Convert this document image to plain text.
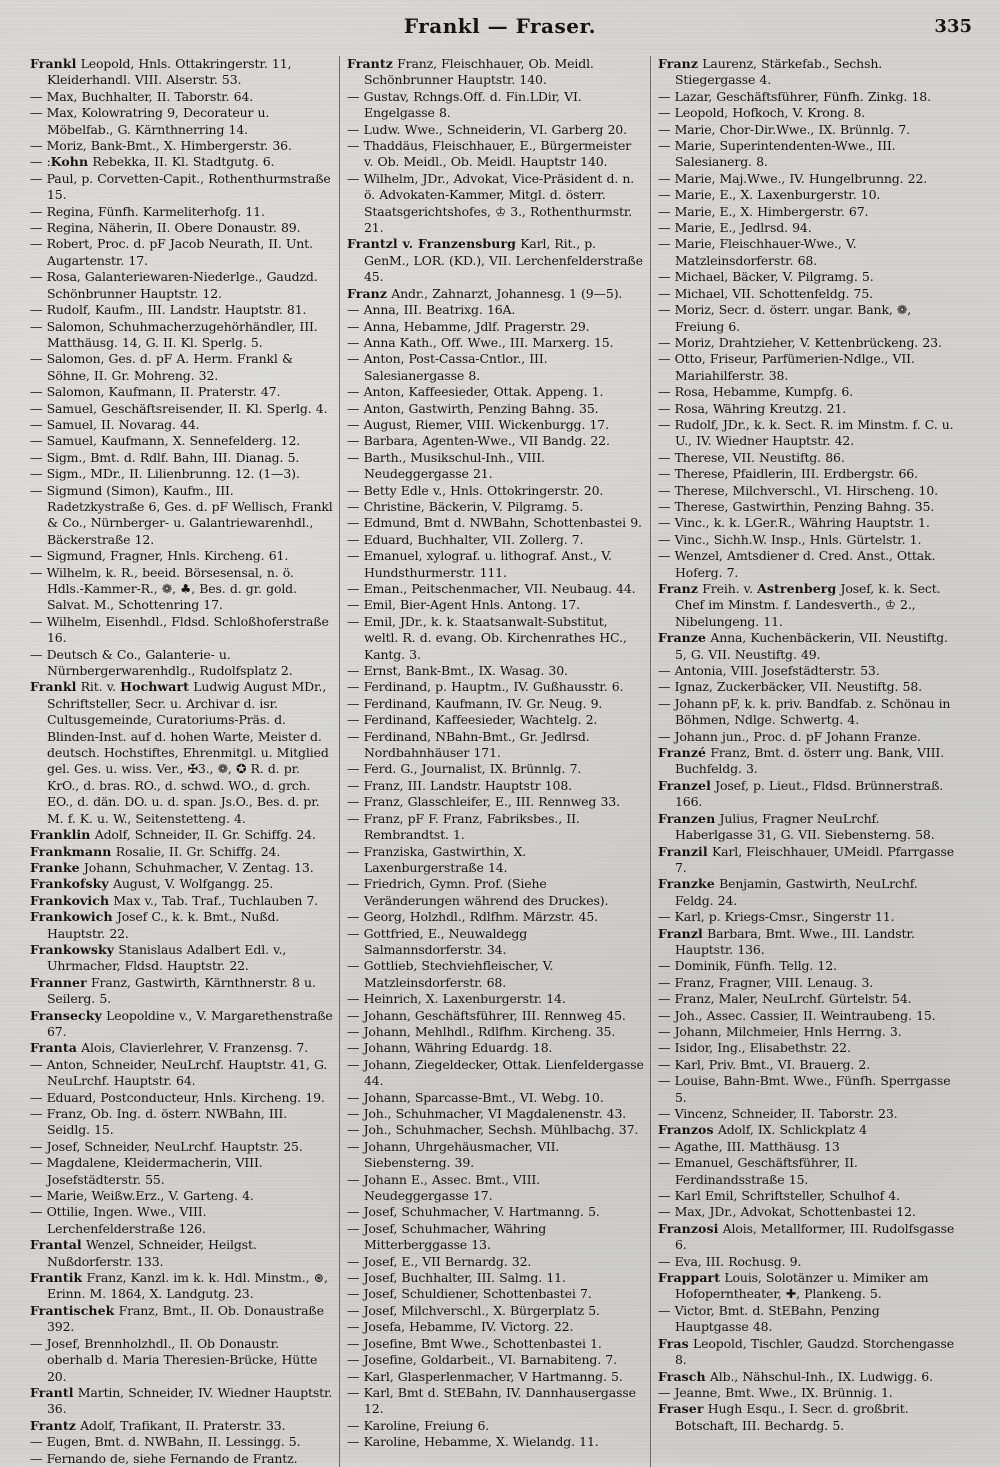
Frankl — Fraser.	335

Frankl Leopold, Hnls. Ottakringerstr. 11, Kleiderhandl. VIII. Alserstr. 53.

— Max, Buchhalter, II. Taborstr. 64.

— Max, Kolowratring 9, Decorateur u. Möbelfab., G. Kärnthnerring 14.

— Moriz, Bank-Bmt., X. Himbergerstr. 36.

— :Kohn Rebekka, II. Kl. Stadtgutg. 6.

— Paul, p. Corvetten-Capit., Rothenthurmstraße 15.

— Regina, Fünfh. Karmeliterhofg. 11.

— Regina, Näherin, II. Obere Donaustr. 89.

— Robert, Proc. d. pF Jacob Neurath, II. Unt. Augartenstr. 17.

— Rosa, Galanteriewaren-Niederlge., Gaudzd. Schönbrunner Hauptstr. 12.

— Rudolf, Kaufm., III. Landstr. Hauptstr. 81.

— Salomon, Schuhmacherzugehörhändler, III. Matthäusg. 14, G. II. Kl. Sperlg. 5.

— Salomon, Ges. d. pF A. Herm. Frankl & Söhne, II. Gr. Mohreng. 32.

— Salomon, Kaufmann, II. Praterstr. 47.

— Samuel, Geschäftsreisender, II. Kl. Sperlg. 4.

— Samuel, II. Novarag. 44.

— Samuel, Kaufmann, X. Sennefelderg. 12.

— Sigm., Bmt. d. Rdlf. Bahn, III. Dianag. 5.

— Sigm., MDr., II. Lilienbrunng. 12. (1—3).

— Sigmund (Simon), Kaufm., III. Radetzkystraße 6, Ges. d. pF Wellisch, Frankl & Co., Nürnberger- u. Galantriewarenhdl., Bäckerstraße 12.

— Sigmund, Fragner, Hnls. Kircheng. 61.

— Wilhelm, k. R., beeid. Börsesensal, n. ö. Hdls.-Kammer-R., ❁, ♣, Bes. d. gr. gold. Salvat. M., Schottenring 17.

— Wilhelm, Eisenhdl., Fldsd. Schloßhoferstraße 16.

— Deutsch & Co., Galanterie- u. Nürnbergerwarenhdlg., Rudolfsplatz 2.

Frankl Rit. v. Hochwart Ludwig August MDr., Schriftsteller, Secr. u. Archivar d. isr. Cultusgemeinde, Curatoriums-Präs. d. Blinden-Inst. auf d. hohen Warte, Meister d. deutsch. Hochstiftes, Ehrenmitgl. u. Mitglied gel. Ges. u. wiss. Ver., ✠3., ❁, ✪ R. d. pr. KrO., d. bras. RO., d. schwd. WO., d. grch. EO., d. dän. DO. u. d. span. Js.O., Bes. d. pr. M. f. K. u. W., Seitenstetteng. 4.

Franklin Adolf, Schneider, II. Gr. Schiffg. 24.

Frankmann Rosalie, II. Gr. Schiffg. 24.

Franke Johann, Schuhmacher, V. Zentag. 13.

Frankofsky August, V. Wolfgangg. 25.

Frankovich Max v., Tab. Traf., Tuchlauben 7.

Frankowich Josef C., k. k. Bmt., Nußd. Hauptstr. 22.

Frankowsky Stanislaus Adalbert Edl. v., Uhrmacher, Fldsd. Hauptstr. 22.

Franner Franz, Gastwirth, Kärnthnerstr. 8 u. Seilerg. 5.

Fransecky Leopoldine v., V. Margarethenstraße 67.

Franta Alois, Clavierlehrer, V. Franzensg. 7.

— Anton, Schneider, NeuLrchf. Hauptstr. 41, G. NeuLrchf. Hauptstr. 64.

— Eduard, Postconducteur, Hnls. Kircheng. 19.

— Franz, Ob. Ing. d. österr. NWBahn, III. Seidlg. 15.

— Josef, Schneider, NeuLrchf. Hauptstr. 25.

— Magdalene, Kleidermacherin, VIII. Josefstädterstr. 55.

— Marie, Weißw.Erz., V. Garteng. 4.

— Ottilie, Ingen. Wwe., VIII. Lerchenfelderstraße 126.

Frantal Wenzel, Schneider, Heilgst. Nußdorferstr. 133.

Frantik Franz, Kanzl. im k. k. Hdl. Minstm., ⊛, Erinn. M. 1864, X. Landgutg. 23.

Frantischek Franz, Bmt., II. Ob. Donaustraße 392.

— Josef, Brennholzhdl., II. Ob Donaustr. oberhalb d. Maria Theresien-Brücke, Hütte 20.

Frantl Martin, Schneider, IV. Wiedner Hauptstr. 36.

Frantz Adolf, Trafikant, II. Praterstr. 33.

— Eugen, Bmt. d. NWBahn, II. Lessingg. 5.

— Fernando de, siehe Fernando de Frantz.

Frantz Franz, Fleischhauer, Ob. Meidl. Schönbrunner Hauptstr. 140.

— Gustav, Rchngs.Off. d. Fin.LDir, VI. Engelgasse 8.

— Ludw. Wwe., Schneiderin, VI. Garberg 20.

— Thaddäus, Fleischhauer, E., Bürgermeister v. Ob. Meidl., Ob. Meidl. Hauptstr 140.

— Wilhelm, JDr., Advokat, Vice-Präsident d. n. ö. Advokaten-Kammer, Mitgl. d. österr. Staatsgerichtshofes, ♔ 3., Rothenthurmstr. 21.

Frantzl v. Franzensburg Karl, Rit., p. GenM., LOR. (KD.), VII. Lerchenfelderstraße 45.

Franz Andr., Zahnarzt, Johannesg. 1 (9—5).

— Anna, III. Beatrixg. 16A.

— Anna, Hebamme, Jdlf. Pragerstr. 29.

— Anna Kath., Off. Wwe., III. Marxerg. 15.

— Anton, Post-Cassa-Cntlor., III. Salesianergasse 8.

— Anton, Kaffeesieder, Ottak. Appeng. 1.

— Anton, Gastwirth, Penzing Bahng. 35.

— August, Riemer, VIII. Wickenburgg. 17.

— Barbara, Agenten-Wwe., VII Bandg. 22.

— Barth., Musikschul-Inh., VIII. Neudeggergasse 21.

— Betty Edle v., Hnls. Ottokringerstr. 20.

— Christine, Bäckerin, V. Pilgramg. 5.

— Edmund, Bmt d. NWBahn, Schottenbastei 9.

— Eduard, Buchhalter, VII. Zollerg. 7.

— Emanuel, xylograf. u. lithograf. Anst., V. Hundsthurmerstr. 111.

— Eman., Peitschenmacher, VII. Neubaug. 44.

— Emil, Bier-Agent Hnls. Antong. 17.

— Emil, JDr., k. k. Staatsanwalt-Substitut, weltl. R. d. evang. Ob. Kirchenrathes HC., Kantg. 3.

— Ernst, Bank-Bmt., IX. Wasag. 30.

— Ferdinand, p. Hauptm., IV. Gußhausstr. 6.

— Ferdinand, Kaufmann, IV. Gr. Neug. 9.

— Ferdinand, Kaffeesieder, Wachtelg. 2.

— Ferdinand, NBahn-Bmt., Gr. Jedlrsd. Nordbahnhäuser 171.

— Ferd. G., Journalist, IX. Brünnlg. 7.

— Franz, III. Landstr. Hauptstr 108.

— Franz, Glasschleifer, E., III. Rennweg 33.

— Franz, pF F. Franz, Fabriksbes., II. Rembrandtst. 1.

— Franziska, Gastwirthin, X. Laxenburgerstraße 14.

— Friedrich, Gymn. Prof. (Siehe Veränderungen während des Druckes).

— Georg, Holzhdl., Rdlfhm. Märzstr. 45.

— Gottfried, E., Neuwaldegg Salmannsdorferstr. 34.

— Gottlieb, Stechviehfleischer, V. Matzleinsdorferstr. 68.

— Heinrich, X. Laxenburgerstr. 14.

— Johann, Geschäftsführer, III. Rennweg 45.

— Johann, Mehlhdl., Rdlfhm. Kircheng. 35.

— Johann, Währing Eduardg. 18.

— Johann, Ziegeldecker, Ottak. Lienfeldergasse 44.

— Johann, Sparcasse-Bmt., VI. Webg. 10.

— Joh., Schuhmacher, VI Magdalenenstr. 43.

— Joh., Schuhmacher, Sechsh. Mühlbachg. 37.

— Johann, Uhrgehäusmacher, VII. Siebensterng. 39.

— Johann E., Assec. Bmt., VIII. Neudeggergasse 17.

— Josef, Schuhmacher, V. Hartmanng. 5.

— Josef, Schuhmacher, Währing Mitterberggasse 13.

— Josef, E., VII Bernardg. 32.

— Josef, Buchhalter, III. Salmg. 11.

— Josef, Schuldiener, Schottenbastei 7.

— Josef, Milchverschl., X. Bürgerplatz 5.

— Josefa, Hebamme, IV. Victorg. 22.

— Josefine, Bmt Wwe., Schottenbastei 1.

— Josefine, Goldarbeit., VI. Barnabiteng. 7.

— Karl, Glasperlenmacher, V Hartmanng. 5.

— Karl, Bmt d. StEBahn, IV. Dannhausergasse 12.

— Karoline, Freiung 6.

— Karoline, Hebamme, X. Wielandg. 11.

Franz Laurenz, Stärkefab., Sechsh. Stiegergasse 4.

— Lazar, Geschäftsführer, Fünfh. Zinkg. 18.

— Leopold, Hofkoch, V. Krong. 8.

— Marie, Chor-Dir.Wwe., IX. Brünnlg. 7.

— Marie, Superintendenten-Wwe., III. Salesianerg. 8.

— Marie, Maj.Wwe., IV. Hungelbrunng. 22.

— Marie, E., X. Laxenburgerstr. 10.

— Marie, E., X. Himbergerstr. 67.

— Marie, E., Jedlrsd. 94.

— Marie, Fleischhauer-Wwe., V. Matzleinsdorferstr. 68.

— Michael, Bäcker, V. Pilgramg. 5.

— Michael, VII. Schottenfeldg. 75.

— Moriz, Secr. d. österr. ungar. Bank, ❁, Freiung 6.

— Moriz, Drahtzieher, V. Kettenbrückeng. 23.

— Otto, Friseur, Parfümerien-Ndlge., VII. Mariahilferstr. 38.

— Rosa, Hebamme, Kumpfg. 6.

— Rosa, Währing Kreutzg. 21.

— Rudolf, JDr., k. k. Sect. R. im Minstm. f. C. u. U., IV. Wiedner Hauptstr. 42.

— Therese, VII. Neustiftg. 86.

— Therese, Pfaidlerin, III. Erdbergstr. 66.

— Therese, Milchverschl., VI. Hirscheng. 10.

— Therese, Gastwirthin, Penzing Bahng. 35.

— Vinc., k. k. LGer.R., Währing Hauptstr. 1.

— Vinc., Sichh.W. Insp., Hnls. Gürtelstr. 1.

— Wenzel, Amtsdiener d. Cred. Anst., Ottak. Hoferg. 7.

Franz Freih. v. Astrenberg Josef, k. k. Sect. Chef im Minstm. f. Landesverth., ♔ 2., Nibelungeng. 11.

Franze Anna, Kuchenbäckerin, VII. Neustiftg. 5, G. VII. Neustiftg. 49.

— Antonia, VIII. Josefstädterstr. 53.

— Ignaz, Zuckerbäcker, VII. Neustiftg. 58.

— Johann pF, k. k. priv. Bandfab. z. Schönau in Böhmen, Ndlge. Schwertg. 4.

— Johann jun., Proc. d. pF Johann Franze.

Franzé Franz, Bmt. d. österr ung. Bank, VIII. Buchfeldg. 3.

Franzel Josef, p. Lieut., Fldsd. Brünnerstraß. 166.

Franzen Julius, Fragner NeuLrchf. Haberlgasse 31, G. VII. Siebensterng. 58.

Franzil Karl, Fleischhauer, UMeidl. Pfarrgasse 7.

Franzke Benjamin, Gastwirth, NeuLrchf. Feldg. 24.

— Karl, p. Kriegs-Cmsr., Singerstr 11.

Franzl Barbara, Bmt. Wwe., III. Landstr. Hauptstr. 136.

— Dominik, Fünfh. Tellg. 12.

— Franz, Fragner, VIII. Lenaug. 3.

— Franz, Maler, NeuLrchf. Gürtelstr. 54.

— Joh., Assec. Cassier, II. Weintraubeng. 15.

— Johann, Milchmeier, Hnls Herrng. 3.

— Isidor, Ing., Elisabethstr. 22.

— Karl, Priv. Bmt., VI. Brauerg. 2.

— Louise, Bahn-Bmt. Wwe., Fünfh. Sperrgasse 5.

— Vincenz, Schneider, II. Taborstr. 23.

Franzos Adolf, IX. Schlickplatz 4

— Agathe, III. Matthäusg. 13

— Emanuel, Geschäftsführer, II. Ferdinandsstraße 15.

— Karl Emil, Schriftsteller, Schulhof 4.

— Max, JDr., Advokat, Schottenbastei 12.

Franzosi Alois, Metallformer, III. Rudolfsgasse 6.

— Eva, III. Rochusg. 9.

Frappart Louis, Solotänzer u. Mimiker am Hofoperntheater, ✚, Plankeng. 5.

— Victor, Bmt. d. StEBahn, Penzing Hauptgasse 48.

Fras Leopold, Tischler, Gaudzd. Storchengasse 8.

Frasch Alb., Nähschul-Inh., IX. Ludwigg. 6.

— Jeanne, Bmt. Wwe., IX. Brünnig. 1.

Fraser Hugh Esqu., I. Secr. d. großbrit. Botschaft, III. Bechardg. 5.
